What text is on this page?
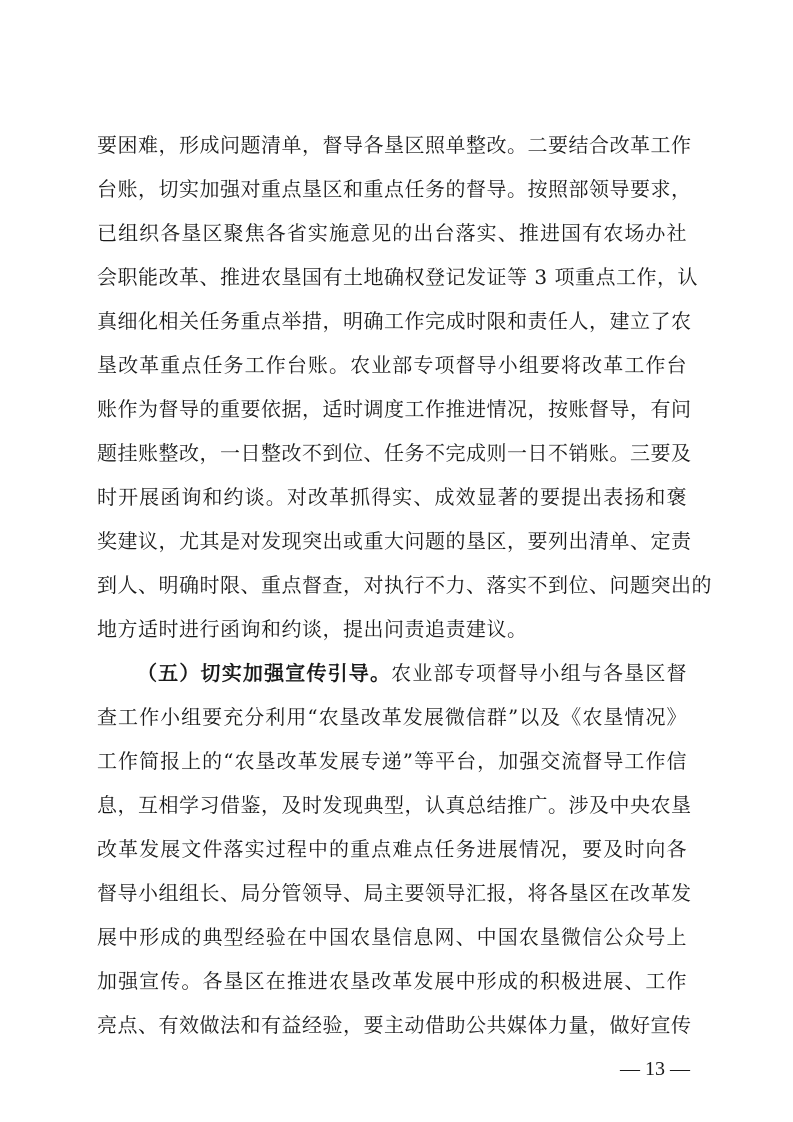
要困难，形成问题清单，督导各垦区照单整改。二要结合改革工作
台账，切实加强对重点垦区和重点任务的督导。按照部领导要求，
已组织各垦区聚焦各省实施意见的出台落实、推进国有农场办社
会职能改革、推进农垦国有土地确权登记发证等 3 项重点工作，认
真细化相关任务重点举措，明确工作完成时限和责任人，建立了农
垦改革重点任务工作台账。农业部专项督导小组要将改革工作台
账作为督导的重要依据，适时调度工作推进情况，按账督导，有问
题挂账整改，一日整改不到位、任务不完成则一日不销账。三要及
时开展函询和约谈。对改革抓得实、成效显著的要提出表扬和褒
奖建议，尤其是对发现突出或重大问题的垦区，要列出清单、定责
到人、明确时限、重点督查，对执行不力、落实不到位、问题突出的
地方适时进行函询和约谈，提出问责追责建议。
（五）切实加强宣传引导。农业部专项督导小组与各垦区督
查工作小组要充分利用“农垦改革发展微信群”以及《农垦情况》
工作简报上的“农垦改革发展专递”等平台，加强交流督导工作信
息，互相学习借鉴，及时发现典型，认真总结推广。涉及中央农垦
改革发展文件落实过程中的重点难点任务进展情况，要及时向各
督导小组组长、局分管领导、局主要领导汇报，将各垦区在改革发
展中形成的典型经验在中国农垦信息网、中国农垦微信公众号上
加强宣传。各垦区在推进农垦改革发展中形成的积极进展、工作
亮点、有效做法和有益经验，要主动借助公共媒体力量，做好宣传
— 13 —
